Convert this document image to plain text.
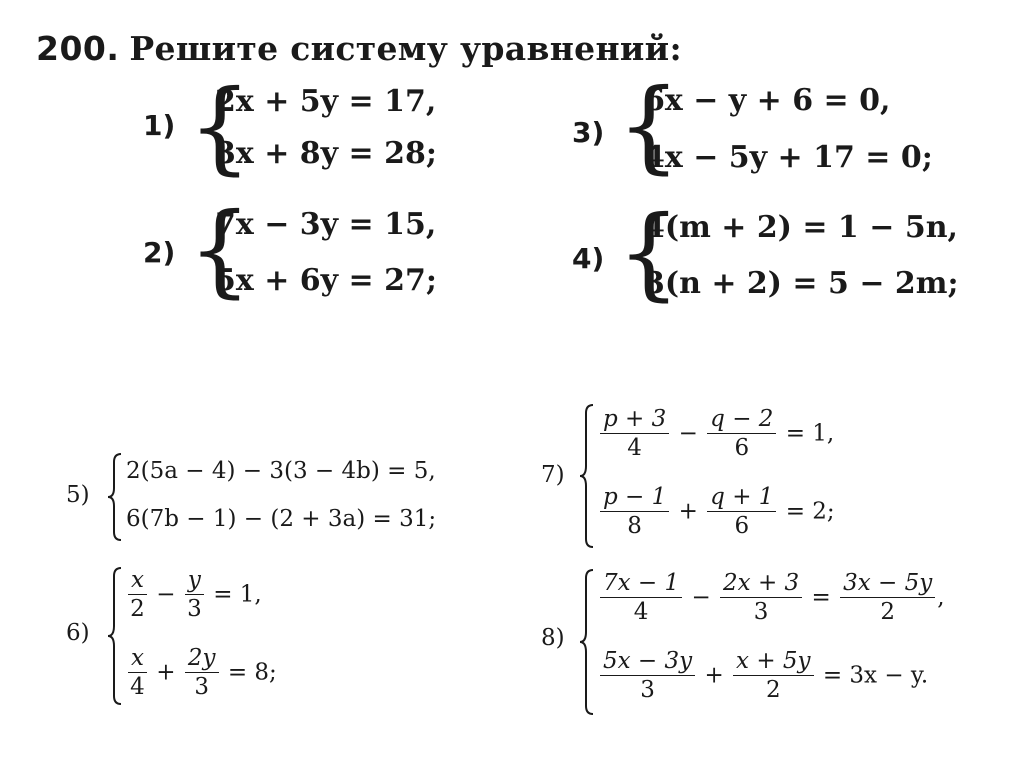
200. Решите систему уравнений:
1) {
2x + 5y = 17,
3x + 8y = 28;
2) {
7x − 3y = 15,
5x + 6y = 27;
3) {
6x − y + 6 = 0,
4x − 5y + 17 = 0;
4) {
4(m + 2) = 1 − 5n,
3(n + 2) = 5 − 2m;
5)
2(5a − 4) − 3(3 − 4b) = 5,
6(7b − 1) − (2 + 3a) = 31;
6)
$\frac{x}{2} - \frac{y}{3} = 1$,
$\frac{x}{4} + \frac{2y}{3} = 8$;
7)
$\frac{p + 3}{4} - \frac{q - 2}{6} = 1$,
$\frac{p - 1}{8} + \frac{q + 1}{6} = 2$;
8)
$\frac{7x - 1}{4} - \frac{2x + 3}{3} = \frac{3x - 5y}{2}$ ,
$\frac{5x - 3y}{3} + \frac{x + 5y}{2} = 3x - y$.
